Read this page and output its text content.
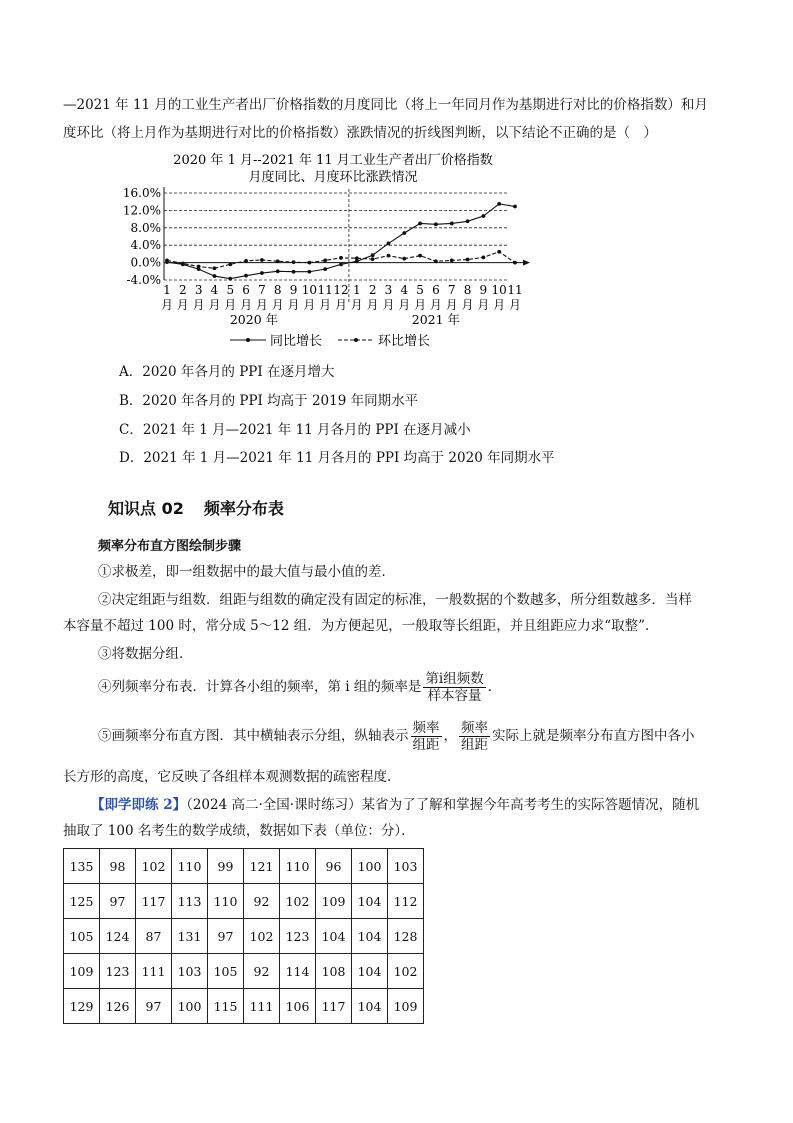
—2021 年 11 月的工业生产者出厂价格指数的月度同比（将上一年同月作为基期进行对比的价格指数）和月
度环比（将上月作为基期进行对比的价格指数）涨跌情况的折线图判断，以下结论不正确的是（　）
2020 年 1 月--2021 年 11 月工业生产者出厂价格指数
月度同比、月度环比涨跌情况
16.0%
12.0%
8.0%
4.0%
0.0%
-4.0%
1
月
2
月
3
月
4
月
5
月
6
月
7
月
8
月
9
月
10
月
11
月
12
月
1
月
2
月
3
月
4
月
5
月
6
月
7
月
8
月
9
月
10
月
11
月
2020 年	2021 年
同比增长	环比增长
A．2020 年各月的 PPI 在逐月增大
B．2020 年各月的 PPI 均高于 2019 年同期水平
C．2021 年 1 月—2021 年 11 月各月的 PPI 在逐月减小
D．2021 年 1 月—2021 年 11 月各月的 PPI 均高于 2020 年同期水平
知识点 02 频率分布表
频率分布直方图绘制步骤
①求极差，即一组数据中的最大值与最小值的差．
②决定组距与组数．组距与组数的确定没有固定的标准，一般数据的个数越多，所分组数越多．当样
本容量不超过 100 时，常分成 5～12 组．为方便起见，一般取等长组距，并且组距应力求“取整”．
③将数据分组．
④列频率分布表．计算各小组的频率，第 i 组的频率是 $\frac{\text{第i组频数}}{\text{样本容量}}$ ．
⑤画频率分布直方图．其中横轴表示分组，纵轴表示 $\frac{\text{频率}}{\text{组距}}$ ， $\frac{\text{频率}}{\text{组距}}$ 实际上就是频率分布直方图中各小
长方形的高度，它反映了各组样本观测数据的疏密程度．
【即学即练 2】（2024 高二·全国·课时练习）某省为了了解和掌握今年高考考生的实际答题情况，随机
抽取了 100 名考生的数学成绩，数据如下表（单位：分）．
135	98	102	110	99	121	110	96	100	103
125	97	117	113	110	92	102	109	104	112
105	124	87	131	97	102	123	104	104	128
109	123	111	103	105	92	114	108	104	102
129	126	97	100	115	111	106	117	104	109
